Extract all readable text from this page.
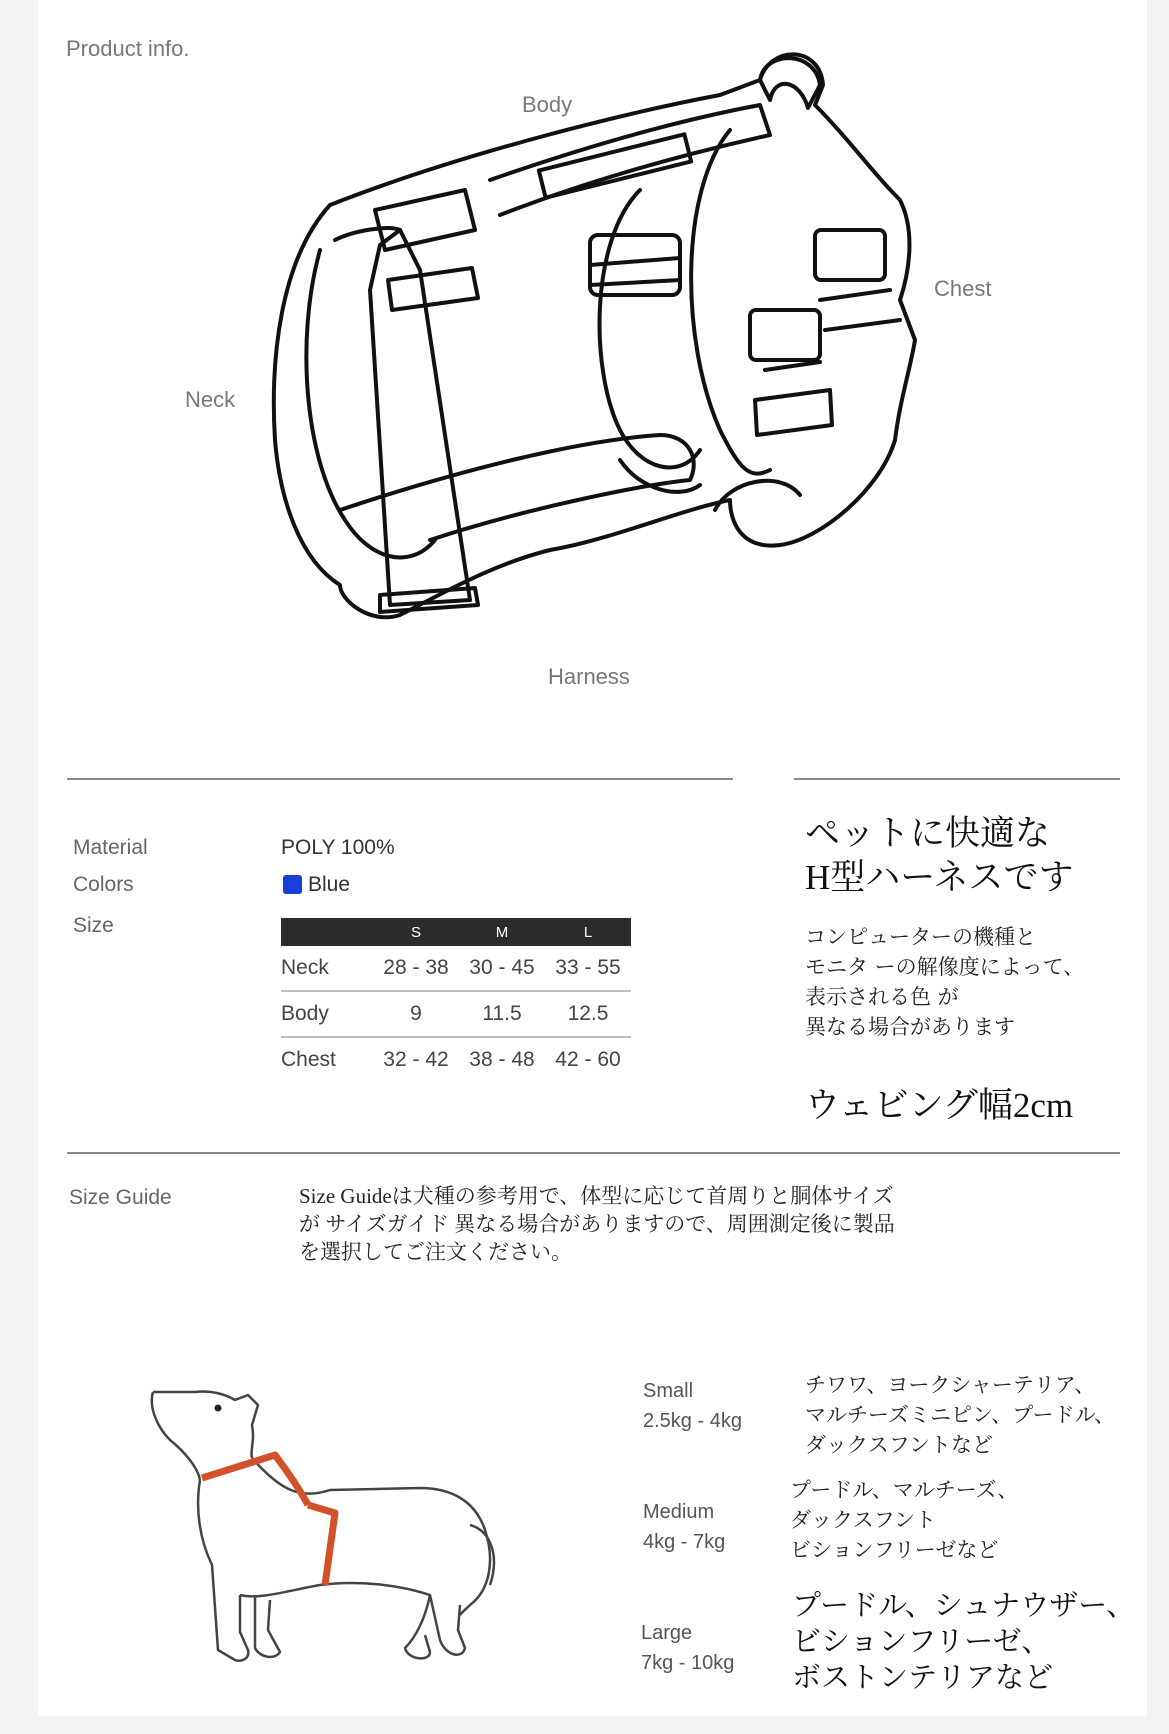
Product info.
Body
Chest
Neck
Harness
Material	POLY 100%
Colors	Blue
Size
		S	M	L
Neck	28 - 38	30 - 45	33 - 55
Body	9	11.5	12.5
Chest	32 - 42	38 - 48	42 - 60
ペットに快適な
H型ハーネスです
コンピューターの機種と
モニタ ーの解像度によって、
表示される色 が
異なる場合があります
ウェビング幅2cm
Size Guide	Size Guideは犬種の参考用で、体型に応じて首周りと胴体サイズ
が サイズガイド 異なる場合がありますので、周囲測定後に製品
を選択してご注文ください。
Small
2.5kg - 4kg
チワワ、ヨークシャーテリア、
マルチーズミニピン、プードル、
ダックスフントなど
Medium
4kg - 7kg
プードル、マルチーズ、
ダックスフント
ビションフリーゼなど
Large
7kg - 10kg
プードル、シュナウザー、
ビションフリーゼ、
ボストンテリアなど
